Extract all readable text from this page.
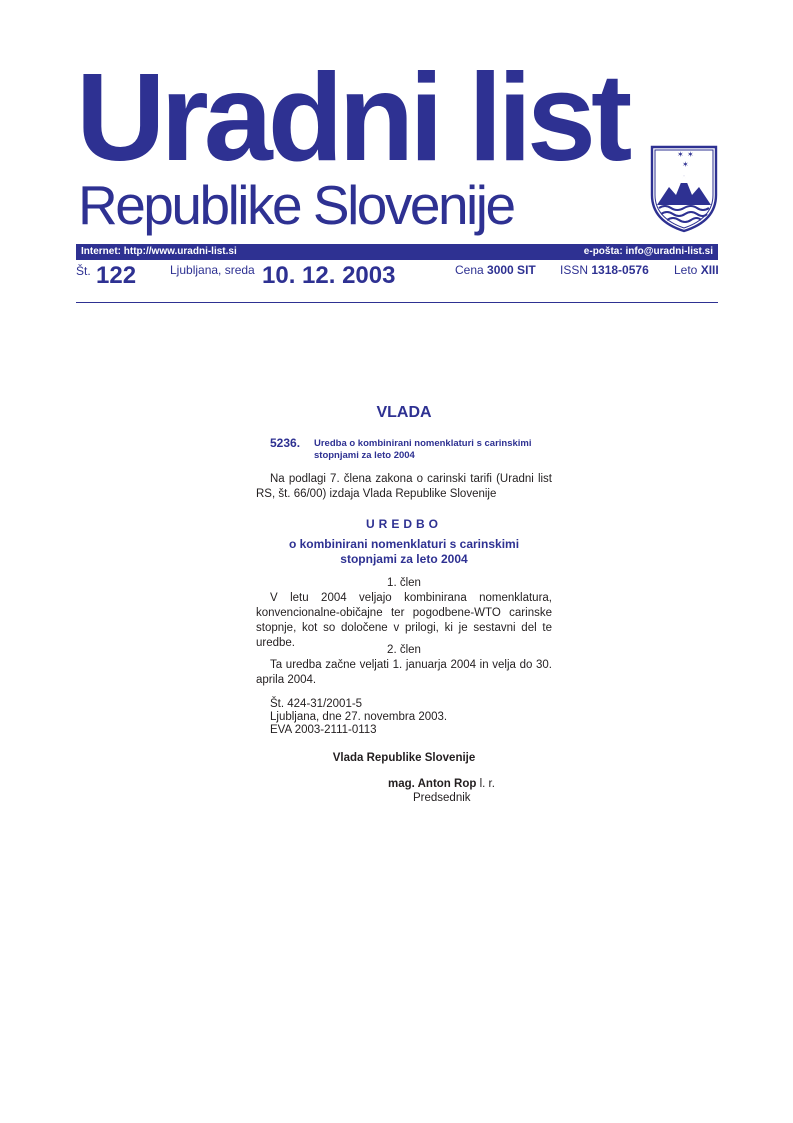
Uradni list
Republike Slovenije
✶ ✶
✶
Internet: http://www.uradni-list.si	e-pošta: info@uradni-list.si
Št. 122	Ljubljana, sreda 10. 12. 2003	Cena 3000 SIT ISSN 1318-0576 Leto XIII
VLADA
5236. Uredba o kombinirani nomenklaturi s carinskimi stopnjami za leto 2004
Na podlagi 7. člena zakona o carinski tarifi (Uradni list RS, št. 66/00) izdaja Vlada Republike Slovenije
UREDBO
o kombinirani nomenklaturi s carinskimi
stopnjami za leto 2004
1. člen
V letu 2004 veljajo kombinirana nomenklatura, konvencionalne-običajne ter pogodbene-WTO carinske stopnje, kot so določene v prilogi, ki je sestavni del te uredbe.
2. člen
Ta uredba začne veljati 1. januarja 2004 in velja do 30. aprila 2004.
Št. 424-31/2001-5
Ljubljana, dne 27. novembra 2003.
EVA 2003-2111-0113
Vlada Republike Slovenije
mag. Anton Rop l. r.
Predsednik
